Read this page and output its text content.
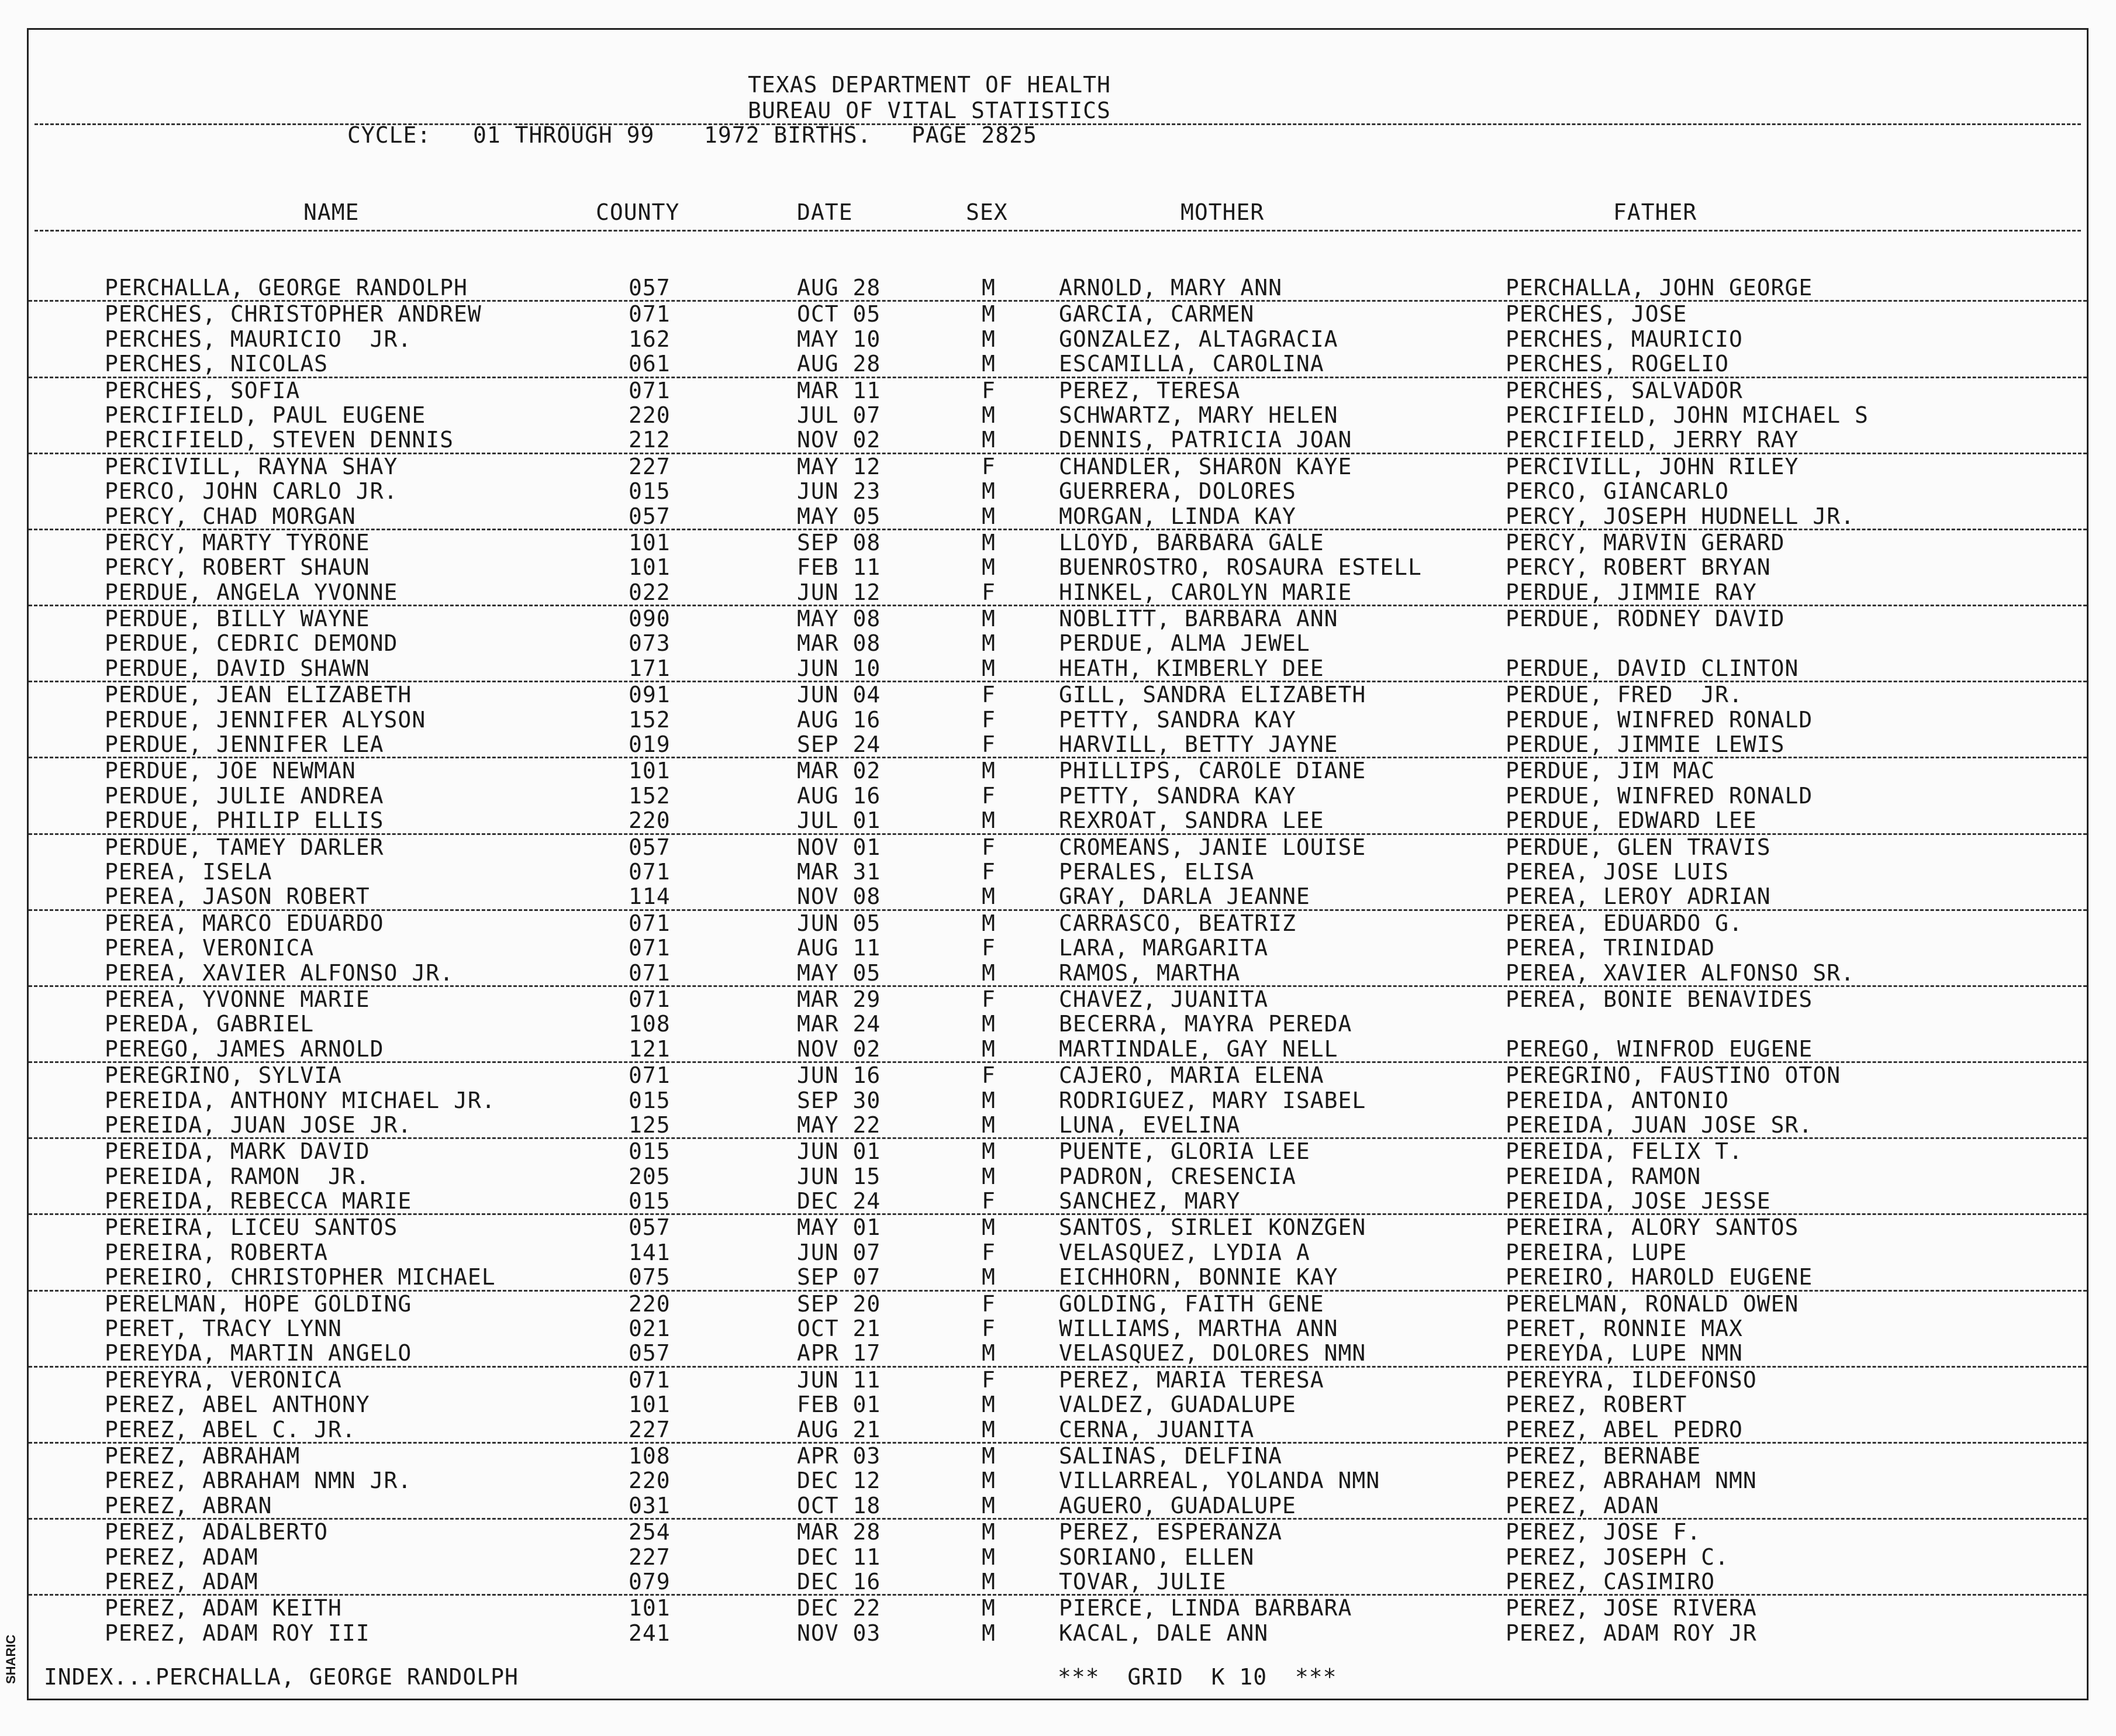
TEXAS DEPARTMENT OF HEALTH
BUREAU OF VITAL STATISTICS
CYCLE: 01 THROUGH 99 1972 BIRTHS. PAGE 2825
NAME	COUNTY	DATE	SEX	MOTHER	FATHER
PERCHALLA, GEORGE RANDOLPH	057	AUG 28	M	ARNOLD, MARY ANN	PERCHALLA, JOHN GEORGE
PERCHES, CHRISTOPHER ANDREW	071	OCT 05	M	GARCIA, CARMEN	PERCHES, JOSE
PERCHES, MAURICIO  JR.	162	MAY 10	M	GONZALEZ, ALTAGRACIA	PERCHES, MAURICIO
PERCHES, NICOLAS	061	AUG 28	M	ESCAMILLA, CAROLINA	PERCHES, ROGELIO
PERCHES, SOFIA	071	MAR 11	F	PEREZ, TERESA	PERCHES, SALVADOR
PERCIFIELD, PAUL EUGENE	220	JUL 07	M	SCHWARTZ, MARY HELEN	PERCIFIELD, JOHN MICHAEL S
PERCIFIELD, STEVEN DENNIS	212	NOV 02	M	DENNIS, PATRICIA JOAN	PERCIFIELD, JERRY RAY
PERCIVILL, RAYNA SHAY	227	MAY 12	F	CHANDLER, SHARON KAYE	PERCIVILL, JOHN RILEY
PERCO, JOHN CARLO JR.	015	JUN 23	M	GUERRERA, DOLORES	PERCO, GIANCARLO
PERCY, CHAD MORGAN	057	MAY 05	M	MORGAN, LINDA KAY	PERCY, JOSEPH HUDNELL JR.
PERCY, MARTY TYRONE	101	SEP 08	M	LLOYD, BARBARA GALE	PERCY, MARVIN GERARD
PERCY, ROBERT SHAUN	101	FEB 11	M	BUENROSTRO, ROSAURA ESTELL	PERCY, ROBERT BRYAN
PERDUE, ANGELA YVONNE	022	JUN 12	F	HINKEL, CAROLYN MARIE	PERDUE, JIMMIE RAY
PERDUE, BILLY WAYNE	090	MAY 08	M	NOBLITT, BARBARA ANN	PERDUE, RODNEY DAVID
PERDUE, CEDRIC DEMOND	073	MAR 08	M	PERDUE, ALMA JEWEL
PERDUE, DAVID SHAWN	171	JUN 10	M	HEATH, KIMBERLY DEE	PERDUE, DAVID CLINTON
PERDUE, JEAN ELIZABETH	091	JUN 04	F	GILL, SANDRA ELIZABETH	PERDUE, FRED  JR.
PERDUE, JENNIFER ALYSON	152	AUG 16	F	PETTY, SANDRA KAY	PERDUE, WINFRED RONALD
PERDUE, JENNIFER LEA	019	SEP 24	F	HARVILL, BETTY JAYNE	PERDUE, JIMMIE LEWIS
PERDUE, JOE NEWMAN	101	MAR 02	M	PHILLIPS, CAROLE DIANE	PERDUE, JIM MAC
PERDUE, JULIE ANDREA	152	AUG 16	F	PETTY, SANDRA KAY	PERDUE, WINFRED RONALD
PERDUE, PHILIP ELLIS	220	JUL 01	M	REXROAT, SANDRA LEE	PERDUE, EDWARD LEE
PERDUE, TAMEY DARLER	057	NOV 01	F	CROMEANS, JANIE LOUISE	PERDUE, GLEN TRAVIS
PEREA, ISELA	071	MAR 31	F	PERALES, ELISA	PEREA, JOSE LUIS
PEREA, JASON ROBERT	114	NOV 08	M	GRAY, DARLA JEANNE	PEREA, LEROY ADRIAN
PEREA, MARCO EDUARDO	071	JUN 05	M	CARRASCO, BEATRIZ	PEREA, EDUARDO G.
PEREA, VERONICA	071	AUG 11	F	LARA, MARGARITA	PEREA, TRINIDAD
PEREA, XAVIER ALFONSO JR.	071	MAY 05	M	RAMOS, MARTHA	PEREA, XAVIER ALFONSO SR.
PEREA, YVONNE MARIE	071	MAR 29	F	CHAVEZ, JUANITA	PEREA, BONIE BENAVIDES
PEREDA, GABRIEL	108	MAR 24	M	BECERRA, MAYRA PEREDA
PEREGO, JAMES ARNOLD	121	NOV 02	M	MARTINDALE, GAY NELL	PEREGO, WINFROD EUGENE
PEREGRINO, SYLVIA	071	JUN 16	F	CAJERO, MARIA ELENA	PEREGRINO, FAUSTINO OTON
PEREIDA, ANTHONY MICHAEL JR.	015	SEP 30	M	RODRIGUEZ, MARY ISABEL	PEREIDA, ANTONIO
PEREIDA, JUAN JOSE JR.	125	MAY 22	M	LUNA, EVELINA	PEREIDA, JUAN JOSE SR.
PEREIDA, MARK DAVID	015	JUN 01	M	PUENTE, GLORIA LEE	PEREIDA, FELIX T.
PEREIDA, RAMON  JR.	205	JUN 15	M	PADRON, CRESENCIA	PEREIDA, RAMON
PEREIDA, REBECCA MARIE	015	DEC 24	F	SANCHEZ, MARY	PEREIDA, JOSE JESSE
PEREIRA, LICEU SANTOS	057	MAY 01	M	SANTOS, SIRLEI KONZGEN	PEREIRA, ALORY SANTOS
PEREIRA, ROBERTA	141	JUN 07	F	VELASQUEZ, LYDIA A	PEREIRA, LUPE
PEREIRO, CHRISTOPHER MICHAEL	075	SEP 07	M	EICHHORN, BONNIE KAY	PEREIRO, HAROLD EUGENE
PERELMAN, HOPE GOLDING	220	SEP 20	F	GOLDING, FAITH GENE	PERELMAN, RONALD OWEN
PERET, TRACY LYNN	021	OCT 21	F	WILLIAMS, MARTHA ANN	PERET, RONNIE MAX
PEREYDA, MARTIN ANGELO	057	APR 17	M	VELASQUEZ, DOLORES NMN	PEREYDA, LUPE NMN
PEREYRA, VERONICA	071	JUN 11	F	PEREZ, MARIA TERESA	PEREYRA, ILDEFONSO
PEREZ, ABEL ANTHONY	101	FEB 01	M	VALDEZ, GUADALUPE	PEREZ, ROBERT
PEREZ, ABEL C. JR.	227	AUG 21	M	CERNA, JUANITA	PEREZ, ABEL PEDRO
PEREZ, ABRAHAM	108	APR 03	M	SALINAS, DELFINA	PEREZ, BERNABE
PEREZ, ABRAHAM NMN JR.	220	DEC 12	M	VILLARREAL, YOLANDA NMN	PEREZ, ABRAHAM NMN
PEREZ, ABRAN	031	OCT 18	M	AGUERO, GUADALUPE	PEREZ, ADAN
PEREZ, ADALBERTO	254	MAR 28	M	PEREZ, ESPERANZA	PEREZ, JOSE F.
PEREZ, ADAM	227	DEC 11	M	SORIANO, ELLEN	PEREZ, JOSEPH C.
PEREZ, ADAM	079	DEC 16	M	TOVAR, JULIE	PEREZ, CASIMIRO
PEREZ, ADAM KEITH	101	DEC 22	M	PIERCE, LINDA BARBARA	PEREZ, JOSE RIVERA
PEREZ, ADAM ROY III	241	NOV 03	M	KACAL, DALE ANN	PEREZ, ADAM ROY JR
INDEX...PERCHALLA, GEORGE RANDOLPH	***  GRID  K 10  ***
SHARIC
